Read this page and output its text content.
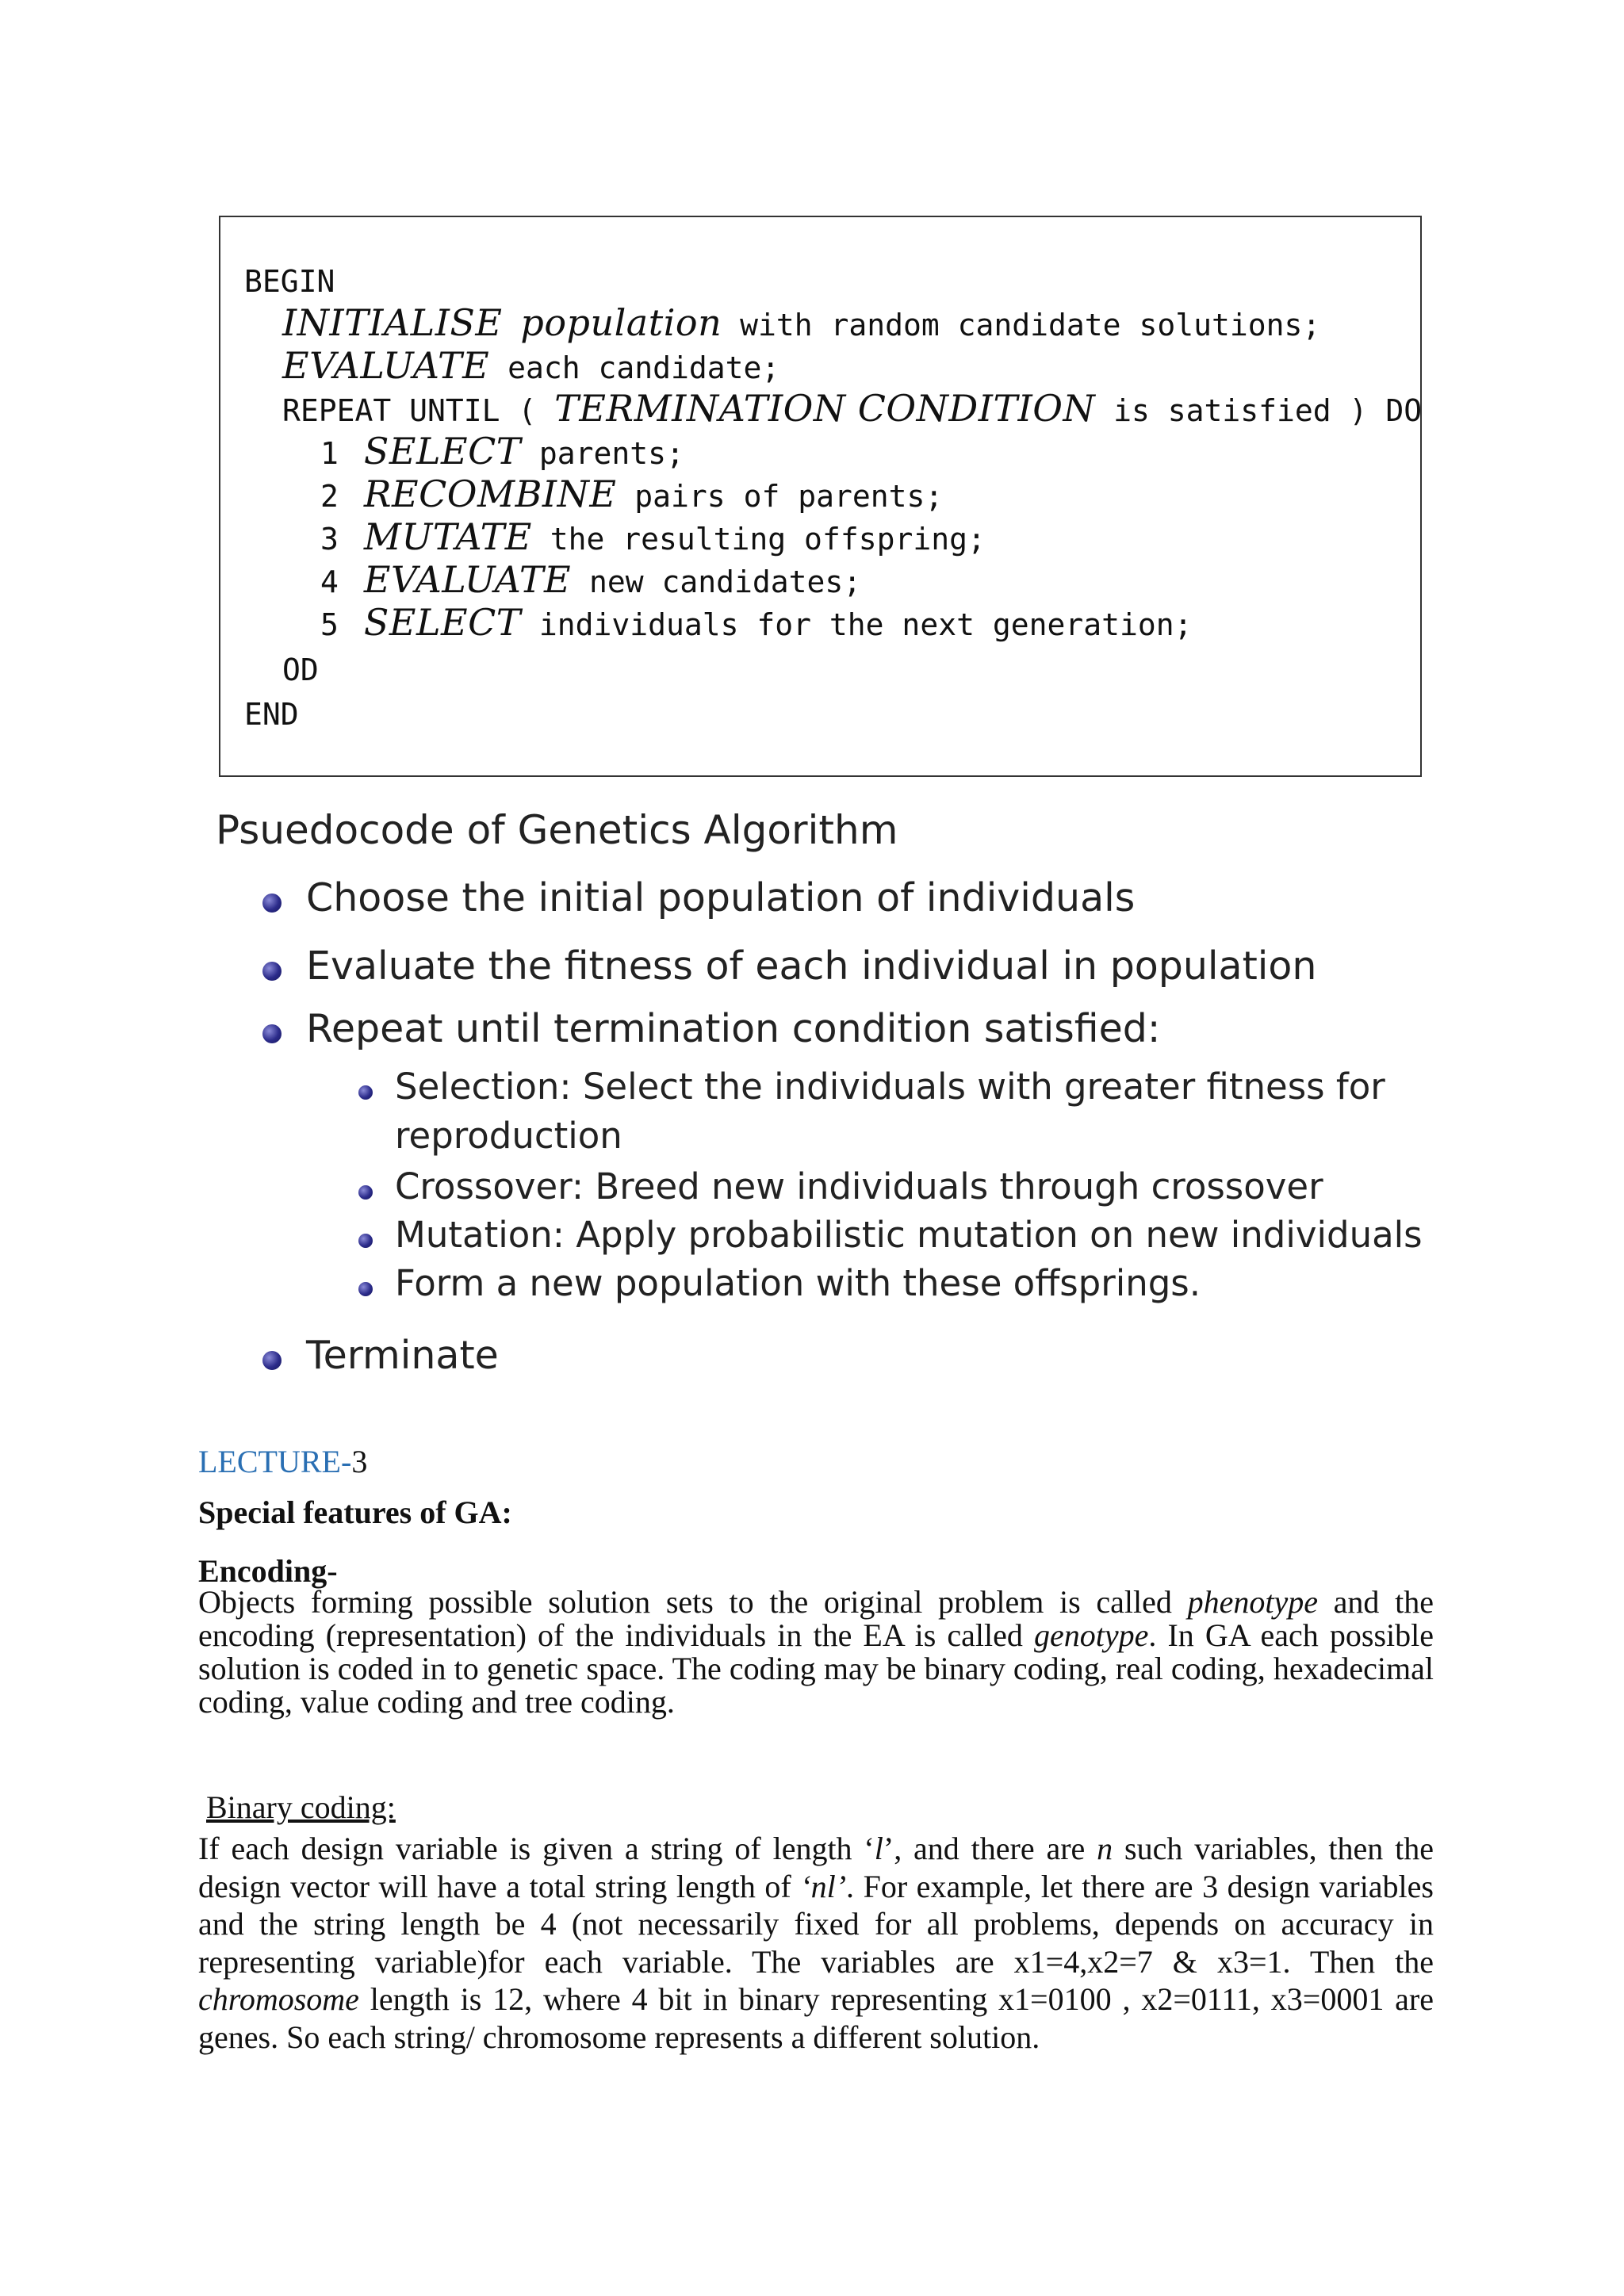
BEGIN
INITIALISE population with random candidate solutions;
EVALUATE each candidate;
REPEAT UNTIL ( TERMINATION CONDITION is satisfied ) DO
1 SELECT parents;
2 RECOMBINE pairs of parents;
3 MUTATE the resulting offspring;
4 EVALUATE new candidates;
5 SELECT individuals for the next generation;
OD
END
Psuedocode of Genetics Algorithm
Choose the initial population of individuals
Evaluate the fitness of each individual in population
Repeat until termination condition satisfied:
Selection: Select the individuals with greater fitness for
reproduction
Crossover: Breed new individuals through crossover
Mutation: Apply probabilistic mutation on new individuals
Form a new population with these offsprings.
Terminate
LECTURE-3
Special features of GA:
Encoding-
Objects forming possible solution sets to the original problem is called phenotype and the encoding (representation) of the individuals in the EA is called genotype. In GA each possible solution is coded in to genetic space. The coding may be binary coding, real coding, hexadecimal coding, value coding and tree coding.
Binary coding:
If each design variable is given a string of length ‘l’, and there are n such variables, then the design vector will have a total string length of ‘nl’. For example, let there are 3 design variables and the string length be 4 (not necessarily fixed for all problems, depends on accuracy in representing variable)for each variable. The variables are x1=4,x2=7 & x3=1. Then the chromosome length is 12, where 4 bit in binary representing x1=0100 , x2=0111, x3=0001 are genes. So each string/ chromosome represents a different solution.
